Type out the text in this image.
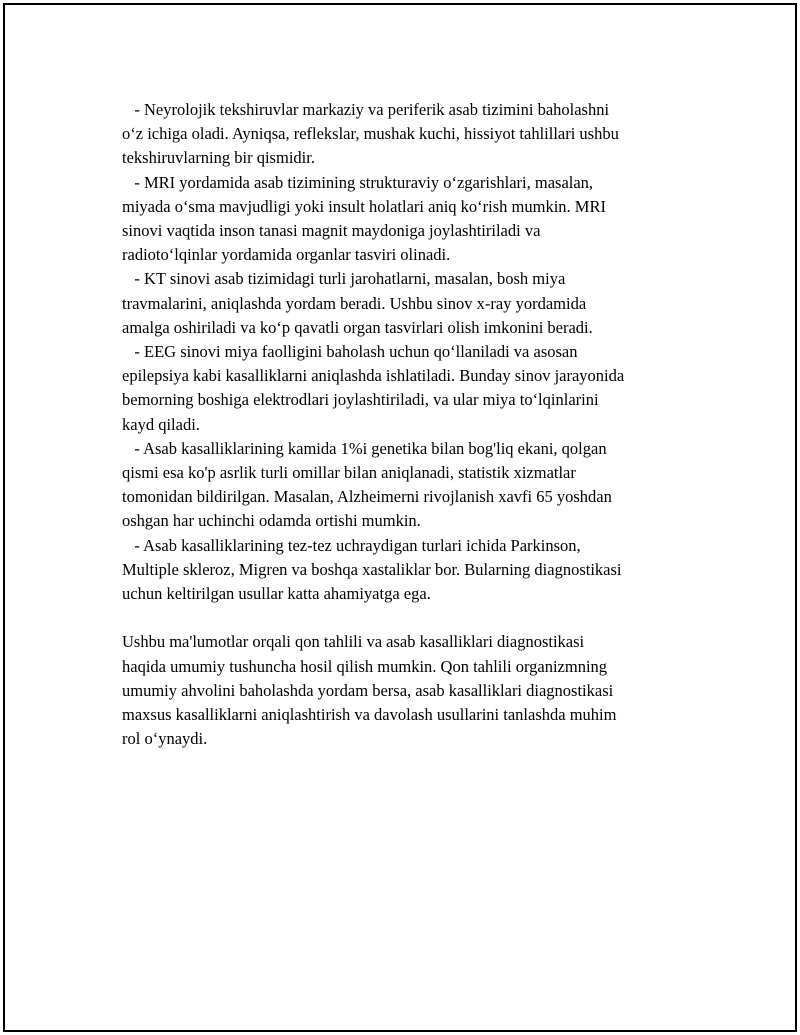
- Neyrolojik tekshiruvlar markaziy va periferik asab tizimini baholashni
o‘z ichiga oladi. Ayniqsa, reflekslar, mushak kuchi, hissiyot tahlillari ushbu
tekshiruvlarning bir qismidir.

- MRI yordamida asab tizimining strukturaviy o‘zgarishlari, masalan,
miyada o‘sma mavjudligi yoki insult holatlari aniq ko‘rish mumkin. MRI
sinovi vaqtida inson tanasi magnit maydoniga joylashtiriladi va
radioto‘lqinlar yordamida organlar tasviri olinadi.

- KT sinovi asab tizimidagi turli jarohatlarni, masalan, bosh miya
travmalarini, aniqlashda yordam beradi. Ushbu sinov x-ray yordamida
amalga oshiriladi va ko‘p qavatli organ tasvirlari olish imkonini beradi.

- EEG sinovi miya faolligini baholash uchun qo‘llaniladi va asosan
epilepsiya kabi kasalliklarni aniqlashda ishlatiladi. Bunday sinov jarayonida
bemorning boshiga elektrodlari joylashtiriladi, va ular miya to‘lqinlarini
kayd qiladi.

- Asab kasalliklarining kamida 1%i genetika bilan bog'liq ekani, qolgan
qismi esa ko'p asrlik turli omillar bilan aniqlanadi, statistik xizmatlar
tomonidan bildirilgan. Masalan, Alzheimerni rivojlanish xavfi 65 yoshdan
oshgan har uchinchi odamda ortishi mumkin.

- Asab kasalliklarining tez-tez uchraydigan turlari ichida Parkinson,
Multiple skleroz, Migren va boshqa xastaliklar bor. Bularning diagnostikasi
uchun keltirilgan usullar katta ahamiyatga ega.

Ushbu ma'lumotlar orqali qon tahlili va asab kasalliklari diagnostikasi
haqida umumiy tushuncha hosil qilish mumkin. Qon tahlili organizmning
umumiy ahvolini baholashda yordam bersa, asab kasalliklari diagnostikasi
maxsus kasalliklarni aniqlashtirish va davolash usullarini tanlashda muhim
rol o‘ynaydi.
